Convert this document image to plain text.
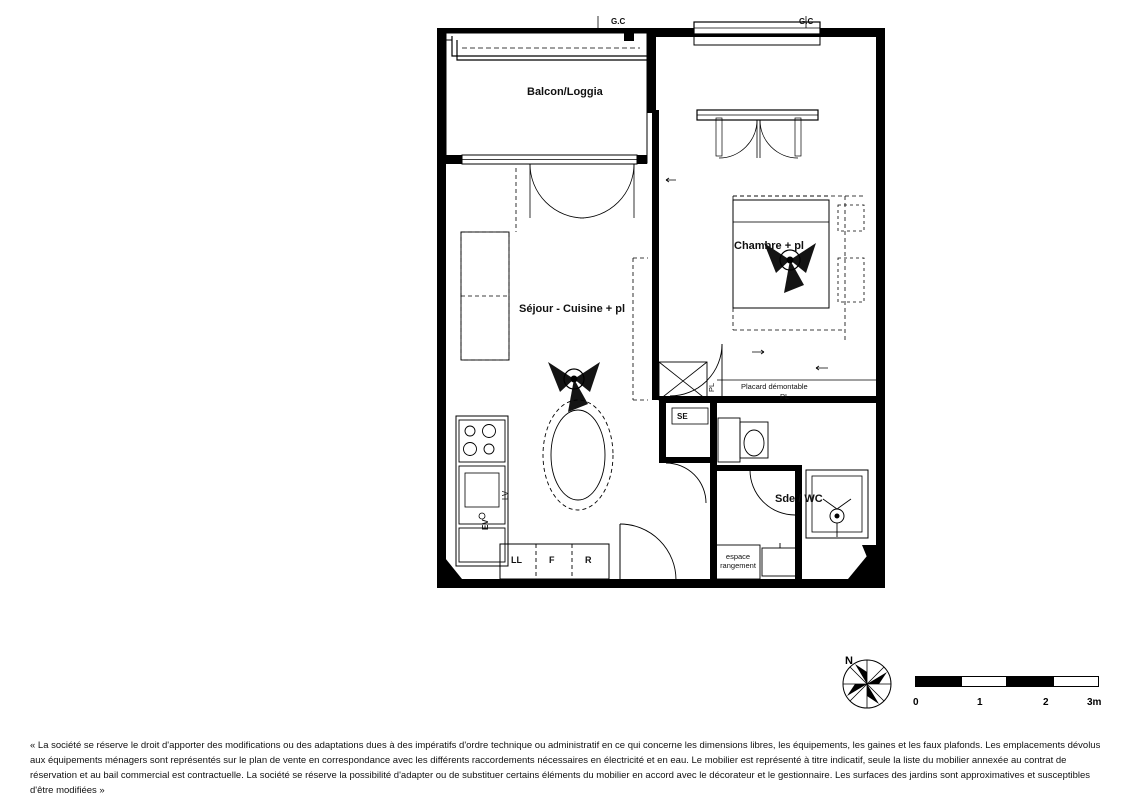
G.C	G.C
Balcon/Loggia
Séjour - Cuisine + pl
Chambre + pl
Sde / WC
Placard démontable
PL
PL
SE
espace
rangement
EV
LV
LL	F	R
N
0	1	2	3m
« La société se réserve le droit d'apporter des modifications ou des adaptations dues à des impératifs d'ordre technique ou administratif en ce qui concerne les dimensions libres, les équipements, les gaines et les faux plafonds. Les emplacements dévolus aux équipements ménagers sont représentés sur le plan de vente en correspondance avec les différents raccordements nécessaires en électricité et en eau. Le mobilier est représenté à titre indicatif, seule la liste du mobilier annexée au contrat de réservation et au bail commercial est contractuelle. La société se réserve la possibilité d'adapter ou de substituer certains éléments du mobilier en accord avec le décorateur et le gestionnaire. Les surfaces des jardins sont approximatives et susceptibles d'être modifiées »
